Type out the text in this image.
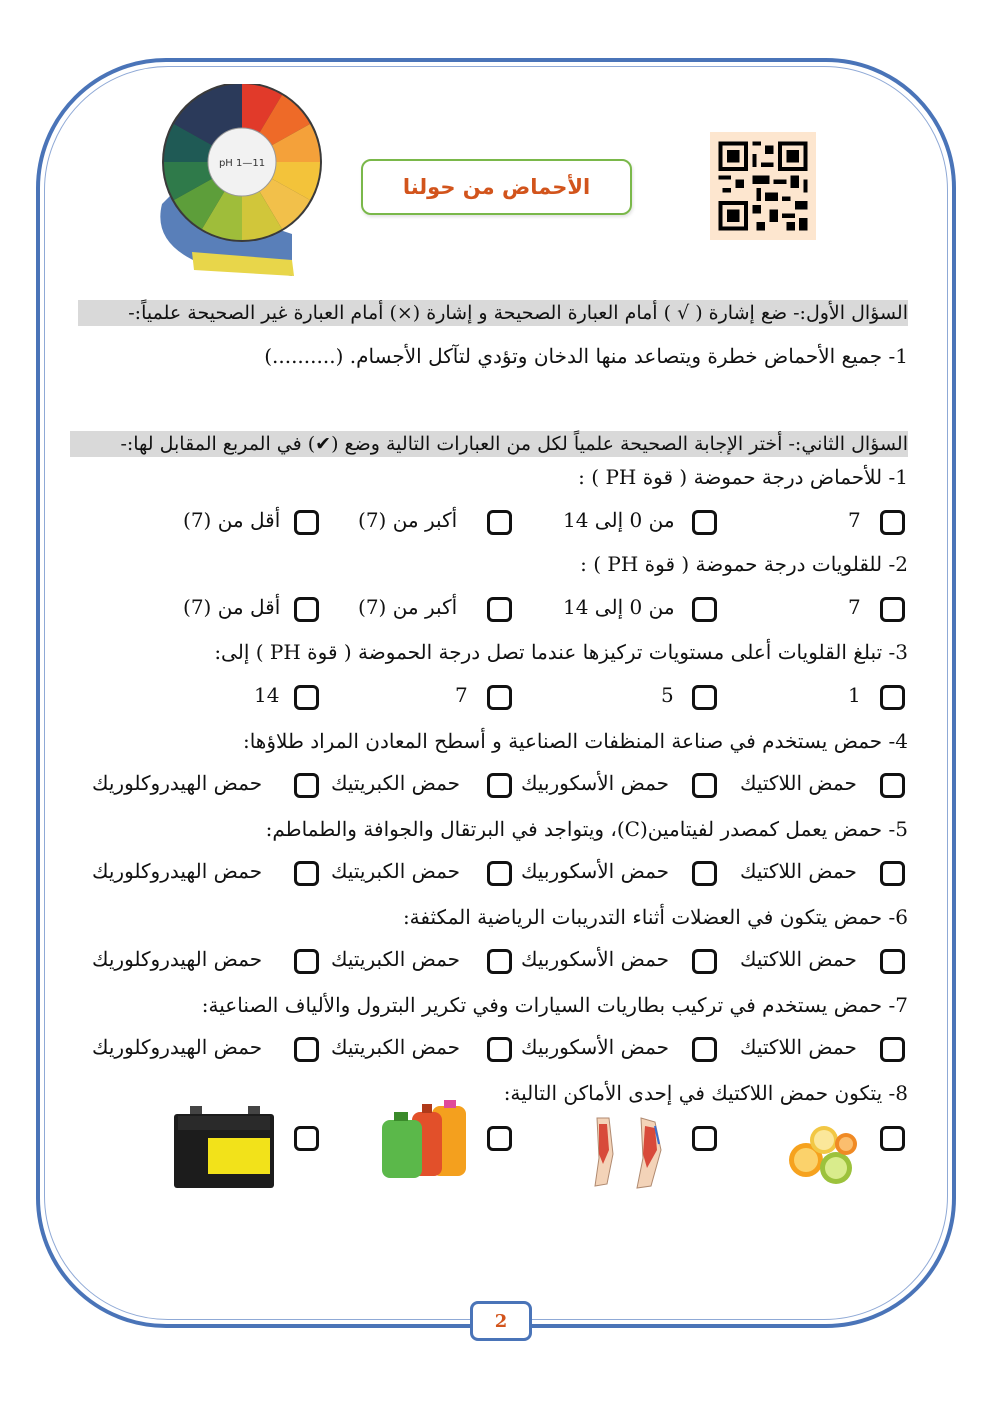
pH 1—11
الأحماض من حولنا
السؤال الأول:- ضع إشارة ( √ ) أمام العبارة الصحيحة و إشارة (×) أمام العبارة غير الصحيحة علمياً:-
1- جميع الأحماض خطرة ويتصاعد منها الدخان وتؤدي لتآكل الأجسام. (..........)
السؤال الثاني:- أختر الإجابة الصحيحة علمياً لكل من العبارات التالية وضع (✔) في المربع المقابل لها:-
1- للأحماض درجة حموضة ( قوة PH ) :
7
من 0 إلى 14
أكبر من (7)
أقل من (7)
2- للقلويات درجة حموضة ( قوة PH ) :
7
من 0 إلى 14
أكبر من (7)
أقل من (7)
3- تبلغ القلويات أعلى مستويات تركيزها عندما تصل درجة الحموضة ( قوة PH ) إلى:
1
5
7
14
4- حمض يستخدم في صناعة المنظفات الصناعية و أسطح المعادن المراد طلاؤها:
حمض اللاكتيك
حمض الأسكوربيك
حمض الكبريتيك
حمض الهيدروكلوريك
5- حمض يعمل كمصدر لفيتامين(C)، ويتواجد في البرتقال والجوافة والطماطم:
حمض اللاكتيك
حمض الأسكوربيك
حمض الكبريتيك
حمض الهيدروكلوريك
6- حمض يتكون في العضلات أثناء التدريبات الرياضية المكثفة:
حمض اللاكتيك
حمض الأسكوربيك
حمض الكبريتيك
حمض الهيدروكلوريك
7- حمض يستخدم في تركيب بطاريات السيارات وفي تكرير البترول والألياف الصناعية:
حمض اللاكتيك
حمض الأسكوربيك
حمض الكبريتيك
حمض الهيدروكلوريك
8- يتكون حمض اللاكتيك في إحدى الأماكن التالية:
2
